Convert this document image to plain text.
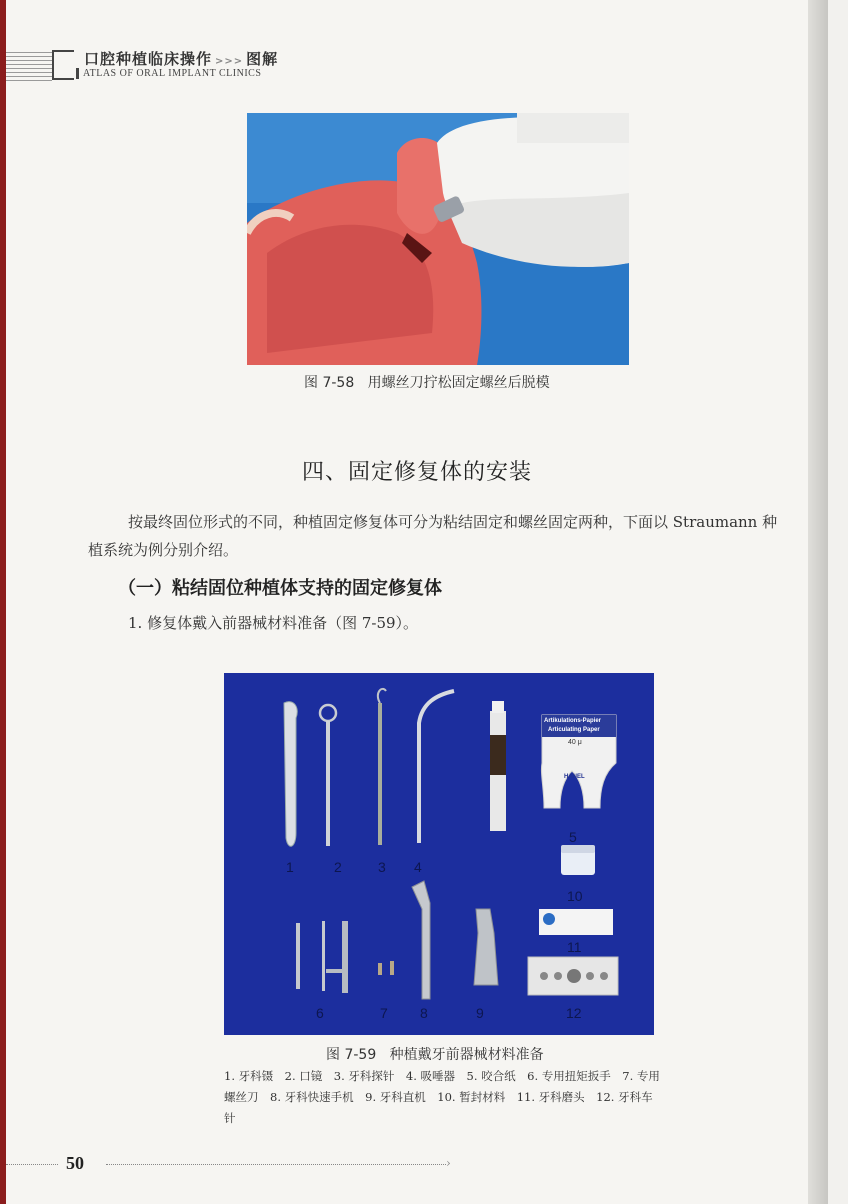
口腔种植临床操作 >>> 图解
ATLAS OF ORAL IMPLANT CLINICS
图 7-58 用螺丝刀拧松固定螺丝后脱模
四、固定修复体的安装
按最终固位形式的不同，种植固定修复体可分为粘结固定和螺丝固定两种，下面以 Straumann 种植系统为例分别介绍。
（一）粘结固位种植体支持的固定修复体
1. 修复体戴入前器械材料准备（图 7-59）。
1	2	3 4
5
10
11
6	7 8	9	12
Artikulations-Papier
Articulating Paper
HANEL
40 μ
图 7-59 种植戴牙前器械材料准备
1. 牙科镊　2. 口镜　3. 牙科探针　4. 吸唾器　5. 咬合纸　6. 专用扭矩扳手　7. 专用螺丝刀　8. 牙科快速手机　9. 牙科直机　10. 暂封材料　11. 牙科磨头　12. 牙科车针
50	›
